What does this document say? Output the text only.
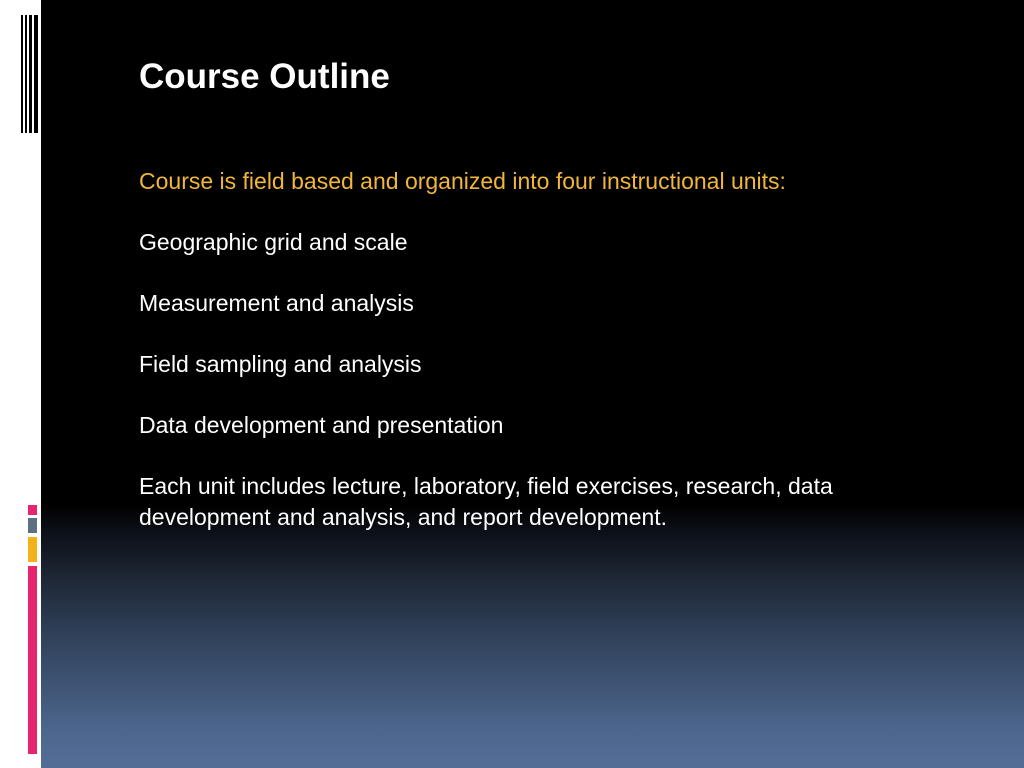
Course Outline

Course is field based and organized into four instructional units:

Geographic grid and scale

Measurement and analysis

Field sampling and analysis

Data development and presentation

Each unit includes lecture, laboratory, field exercises, research, data development and analysis, and report development.
